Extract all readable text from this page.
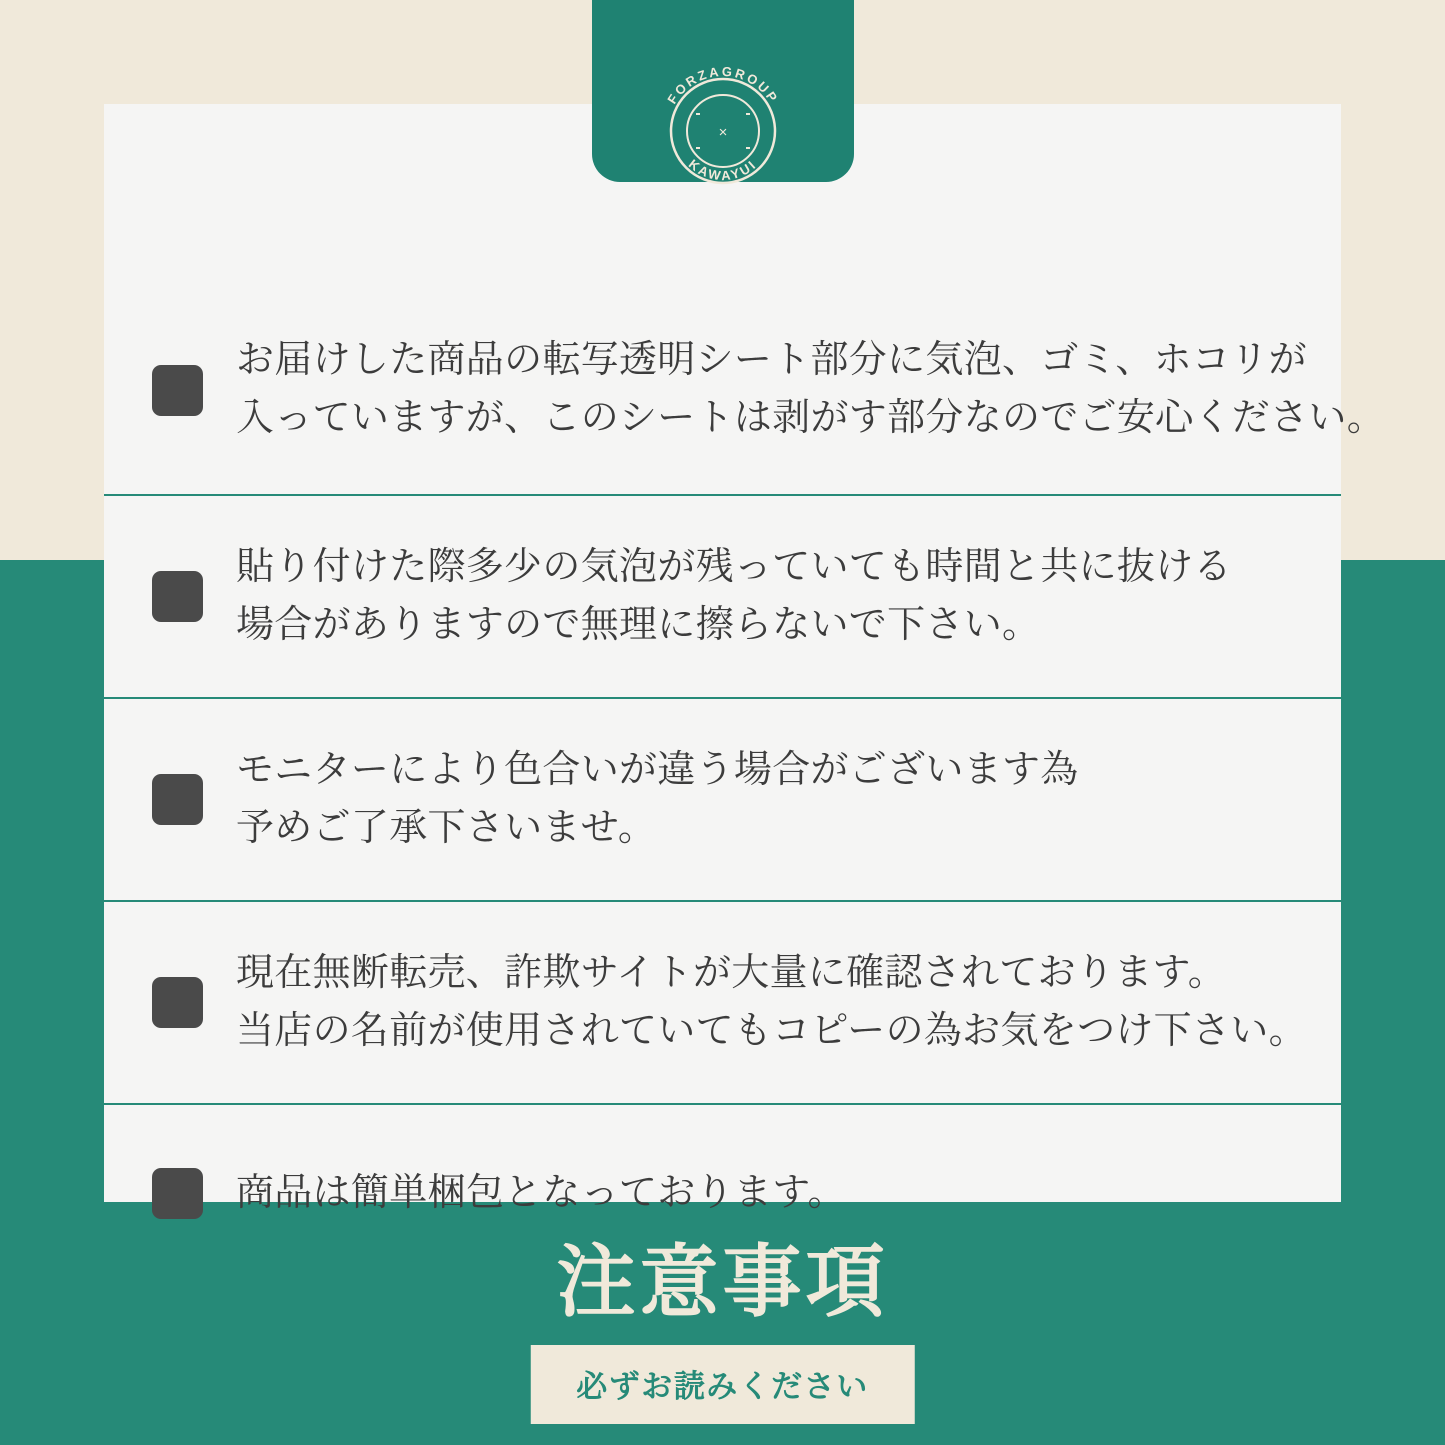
お届けした商品の転写透明シート部分に気泡、ゴミ、ホコリが
入っていますが、このシートは剥がす部分なのでご安心ください。
貼り付けた際多少の気泡が残っていても時間と共に抜ける
場合がありますので無理に擦らないで下さい。
モニターにより色合いが違う場合がございます為
予めご了承下さいませ。
現在無断転売、詐欺サイトが大量に確認されております。
当店の名前が使用されていてもコピーの為お気をつけ下さい。
商品は簡単梱包となっております。
FORZAGROUP
KAWAYUI
×
注意事項
必ずお読みください
